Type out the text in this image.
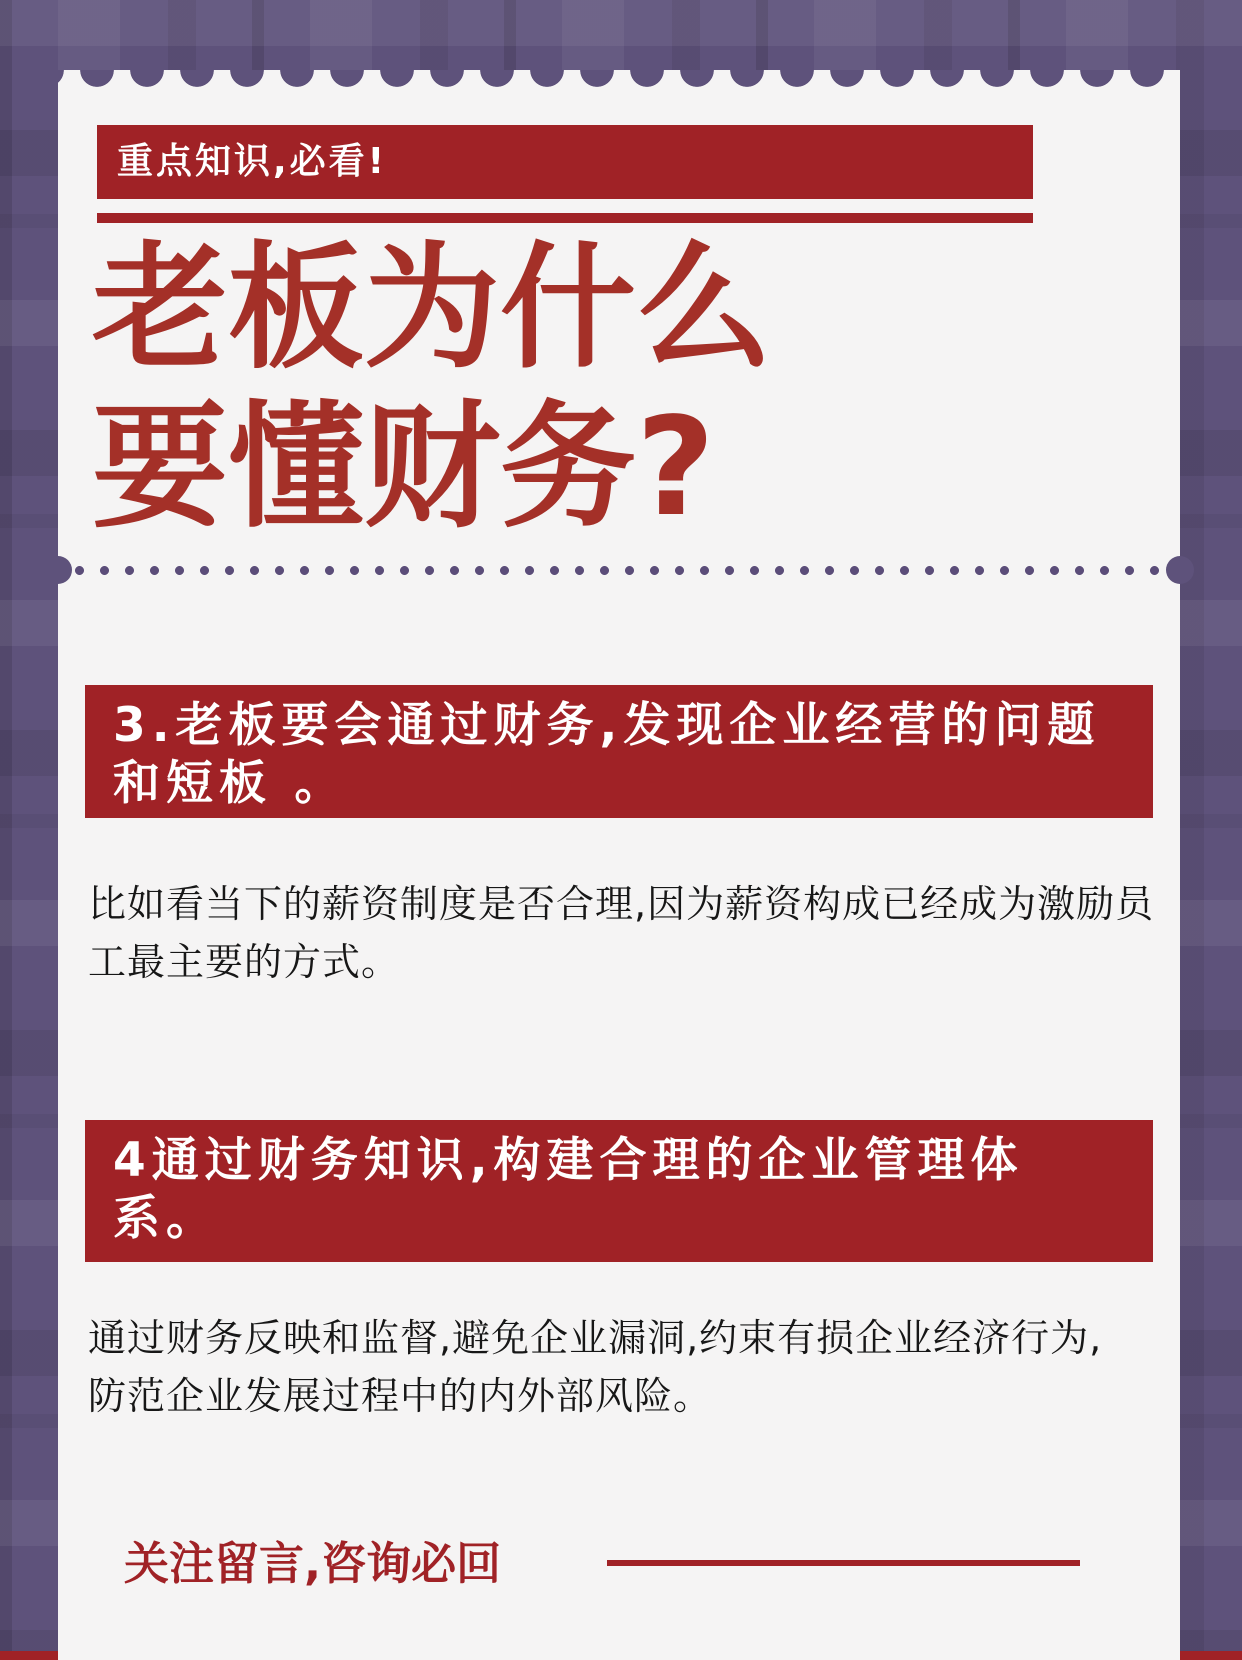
重点知识,必看!
老板为什么
要懂财务?
3.老板要会通过财务,发现企业经营的问题
和短板 。
比如看当下的薪资制度是否合理,因为薪资构成已经成为激励员
工最主要的方式。
4通过财务知识,构建合理的企业管理体
系。
通过财务反映和监督,避免企业漏洞,约束有损企业经济行为,
防范企业发展过程中的内外部风险。
关注留言,咨询必回
